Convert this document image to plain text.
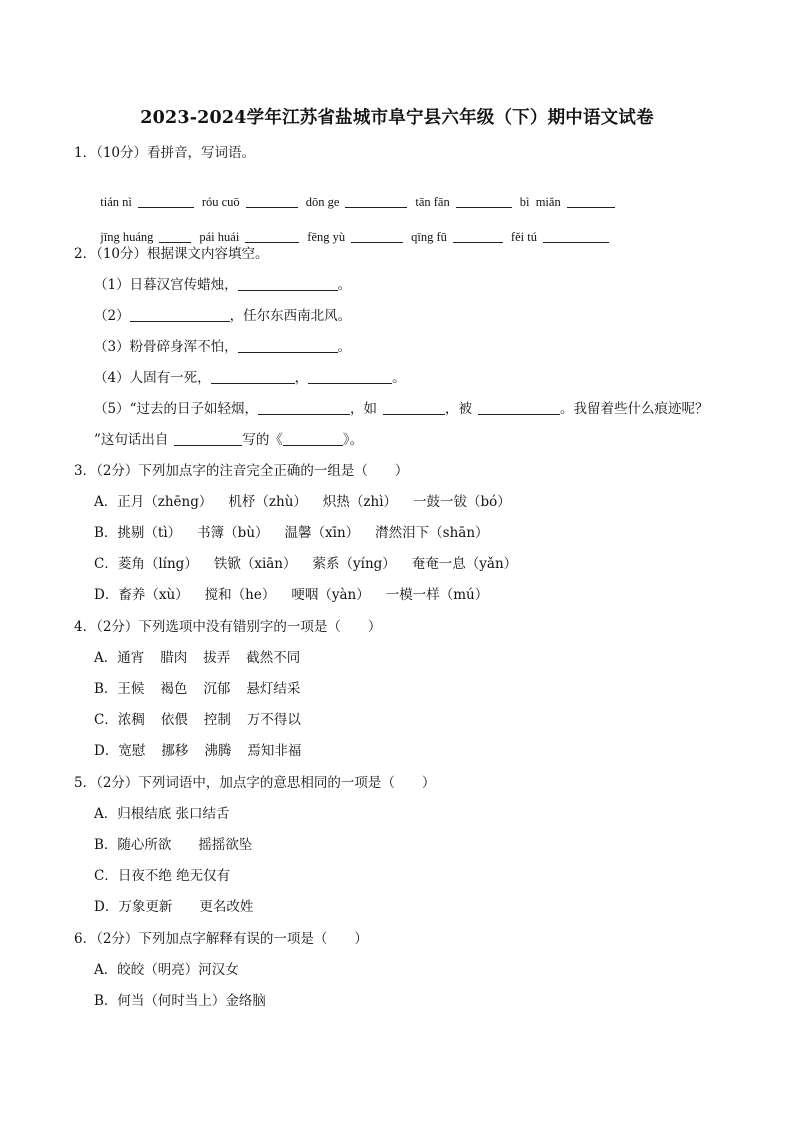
2023-2024学年江苏省盐城市阜宁县六年级（下）期中语文试卷
1．（10分）看拼音，写词语。

tián nì	róu cuō	dōn ge	tān fān	bì  miǎn

jīng huáng	pái huái	fēng yù	qīng fū	fěi tú

2．（10分）根据课文内容填空。
（1）日暮汉宫传蜡烛，	。
（2）	，任尔东西南北风。
（3）粉骨碎身浑不怕，	。
（4）人固有一死，	，	。
（5）“过去的日子如轻烟，	，如	，被	。我留着些什么痕迹呢？
”这句话出自	写的《	》。
3．（2分）下列加点字的注音完全正确的一组是（　　）
A．正月（zhēng） 机杼（zhù） 炽热（zhì） 一鼓一钹（bó）
B．挑剔（tì） 书簿（bù） 温馨（xīn） 潸然泪下（shān）
C．菱角（líng） 铁锨（xiān） 萦系（yíng） 奄奄一息（yǎn）
D．畜养（xù） 搅和（he） 哽咽（yàn） 一模一样（mú）
4．（2分）下列选项中没有错别字的一项是（　　）
A．通宵 腊肉 拔弄 截然不同
B．王候 褐色 沉郁 悬灯结采
C．浓稠 依偎 控制 万不得以
D．宽慰 挪移 沸腾 焉知非福
5．（2分）下列词语中，加点字的意思相同的一项是（　　）
A．归根结底 张口结舌
B．随心所欲　　摇摇欲坠
C．日夜不绝 绝无仅有
D．万象更新　　更名改姓
6．（2分）下列加点字解释有误的一项是（　　）
A．皎皎（明亮）河汉女
B．何当（何时当上）金络脑
